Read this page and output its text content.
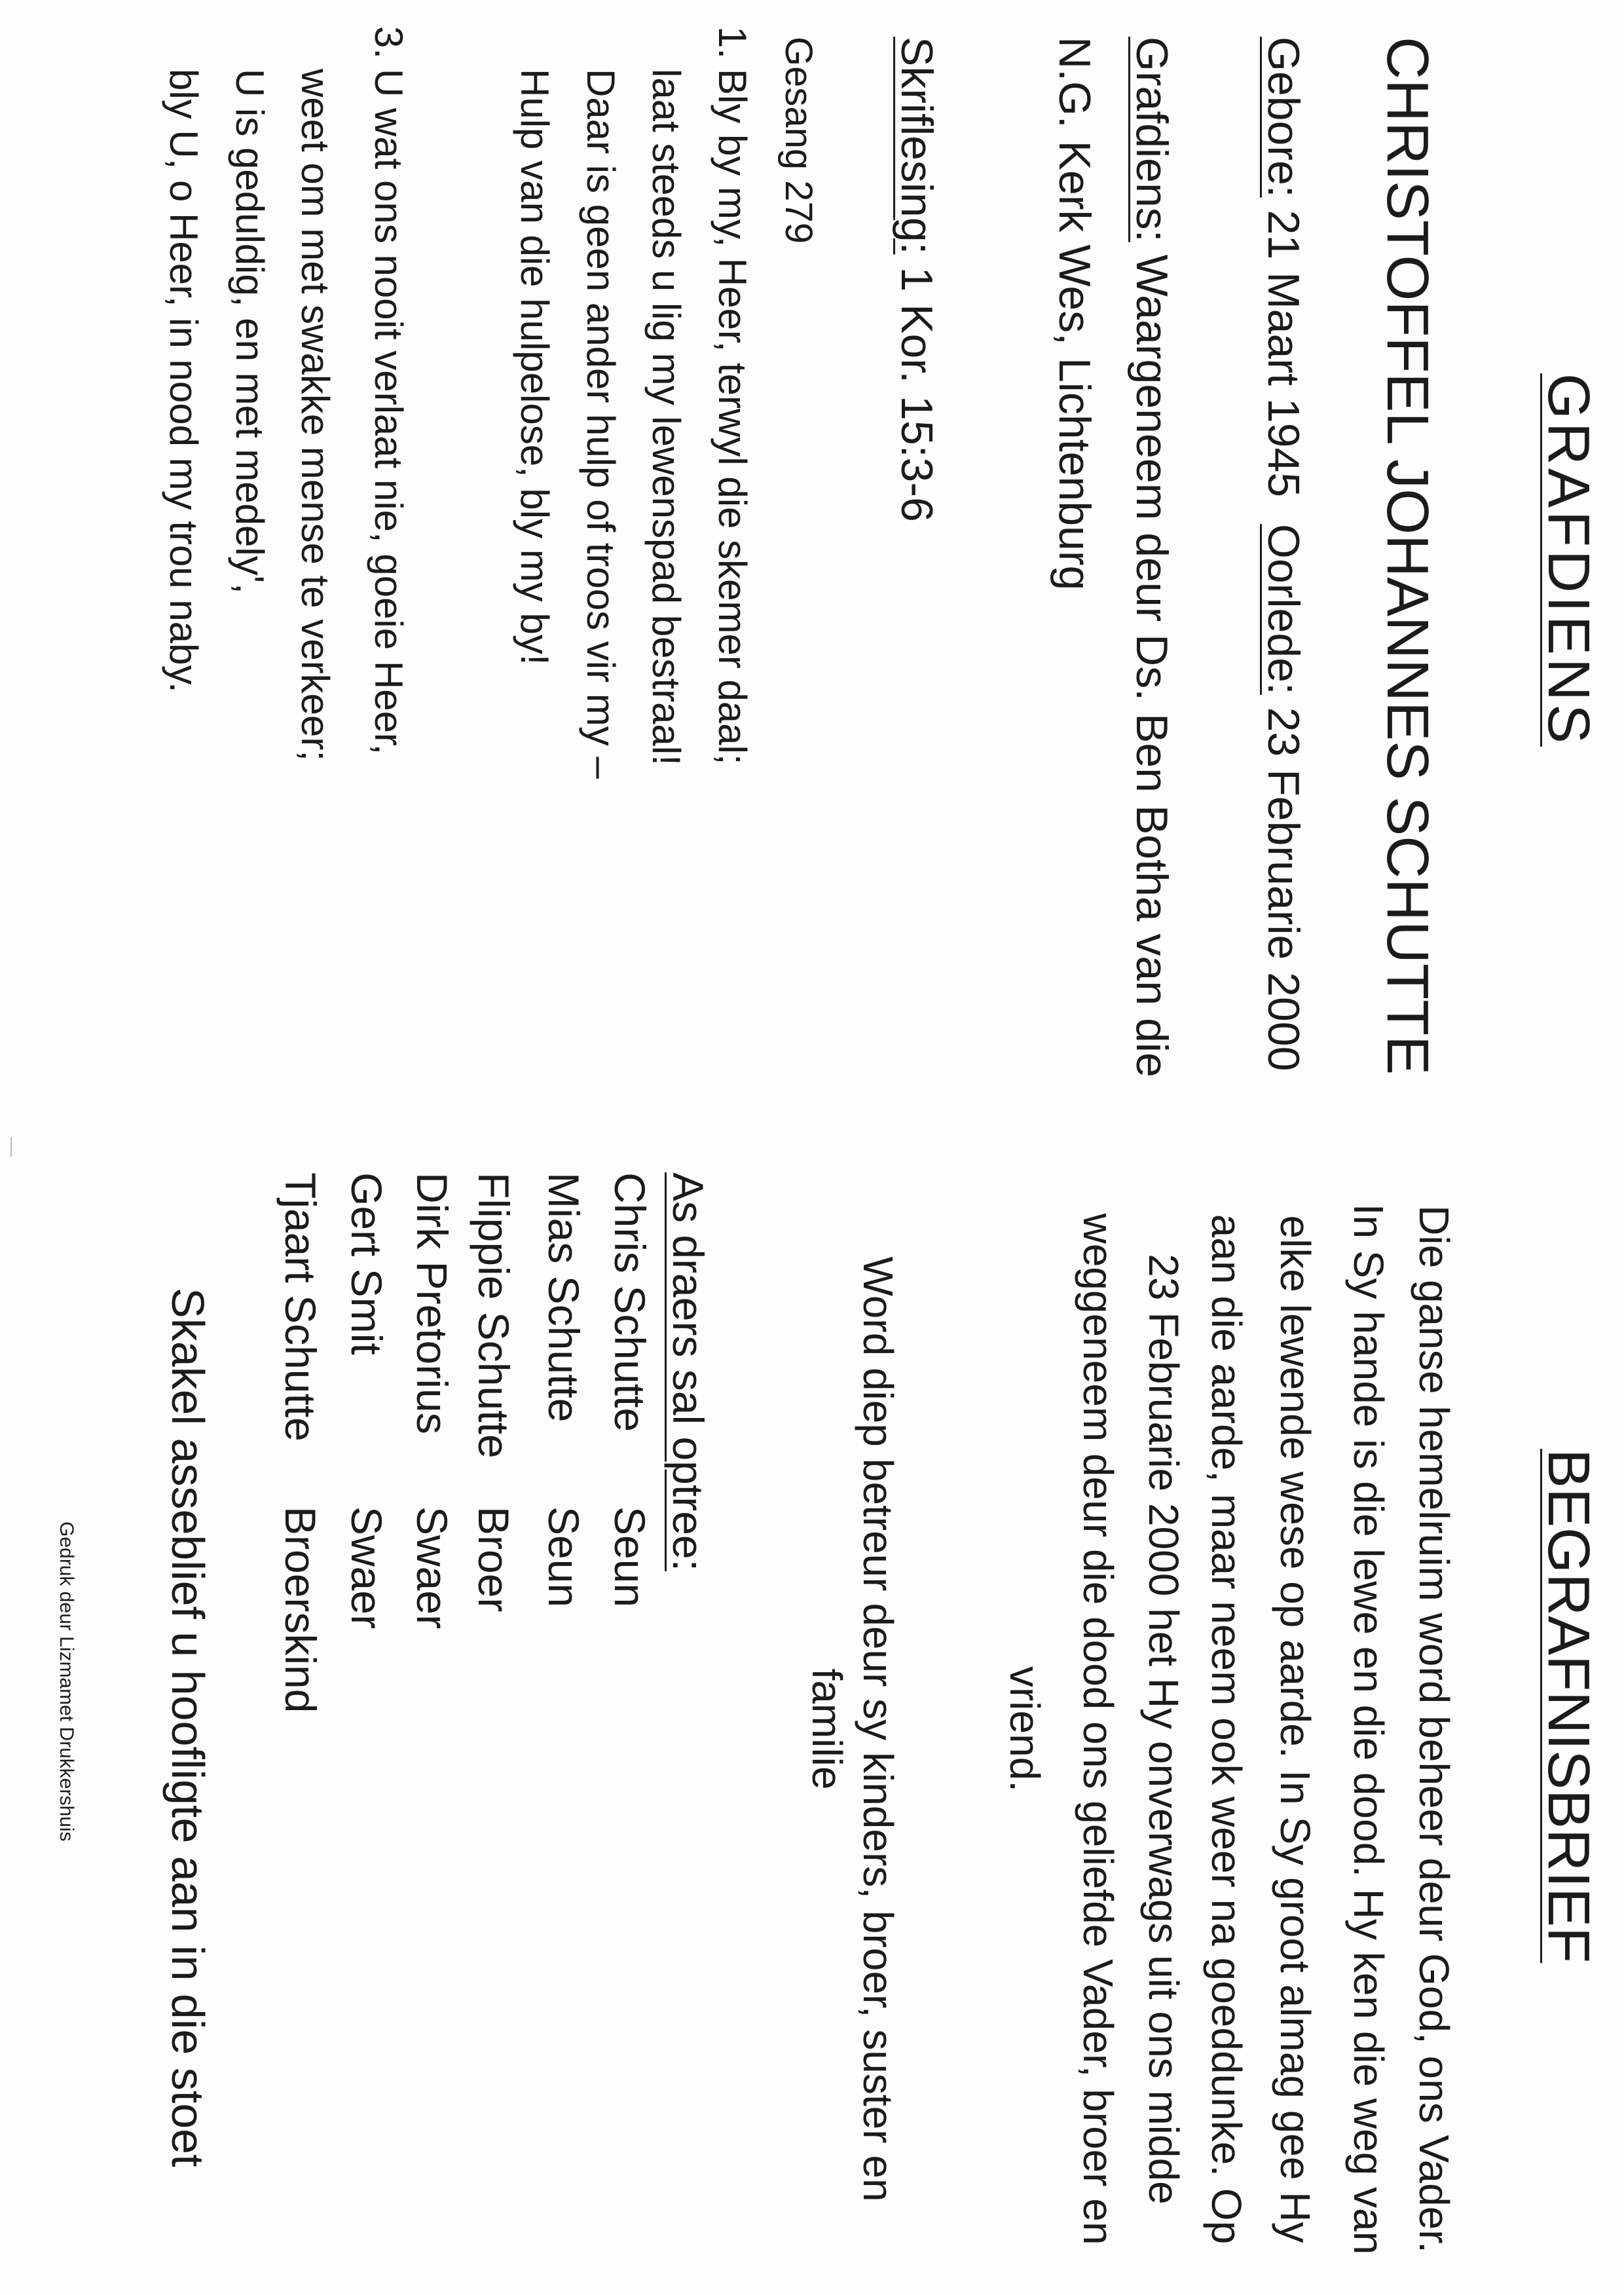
GRAFDIENS
CHRISTOFFEL JOHANNES SCHUTTE
Gebore: 21 Maart 1945
Oorlede: 23 Februarie 2000
Grafdiens: Waargeneem deur Ds. Ben Botha van die
N.G. Kerk Wes, Lichtenburg
Skriflesing: 1 Kor. 15:3-6
Gesang 279
1.
Bly by my, Heer, terwyl die skemer daal;
laat steeds u lig my lewenspad bestraal!
Daar is geen ander hulp of troos vir my –
Hulp van die hulpelose, bly my by!
3.
U wat ons nooit verlaat nie, goeie Heer,
weet om met swakke mense te verkeer;
U is geduldig, en met medely',
bly U, o Heer, in nood my trou naby.
BEGRAFNISBRIEF
Die ganse hemelruim word beheer deur God, ons Vader.
In Sy hande is die lewe en die dood. Hy ken die weg van
elke lewende wese op aarde. In Sy groot almag gee Hy
aan die aarde, maar neem ook weer na goeddunke. Op
23 Februarie 2000 het Hy onverwags uit ons midde
weggeneem deur die dood ons geliefde Vader, broer en
vriend.
Word diep betreur deur sy kinders, broer, suster en
familie
As draers sal optree:
Chris Schutte
Seun
Mias Schutte
Seun
Flippie Schutte
Broer
Dirk Pretorius
Swaer
Gert Smit
Swaer
Tjaart Schutte
Broerskind
Skakel asseblief u hoofligte aan in die stoet
Gedruk deur Lizmamet Drukkershuis
